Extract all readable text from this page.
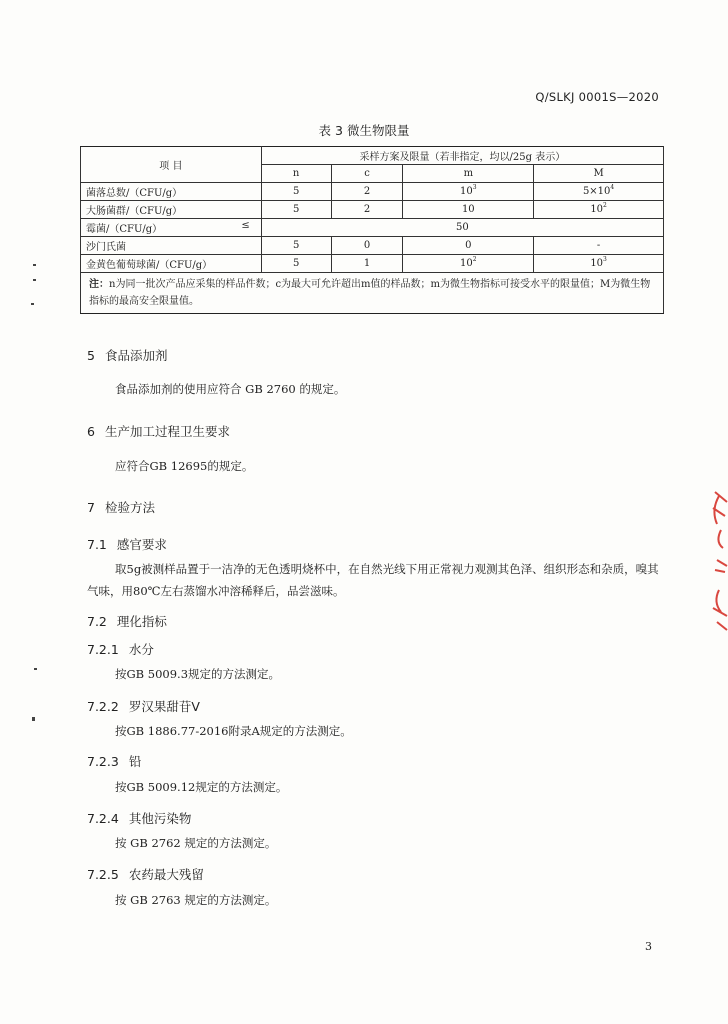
Q/SLKJ 0001S—2020
表 3 微生物限量
项 目	采样方案及限量（若非指定，均以/25g 表示）			
	n	c	m	M
菌落总数/（CFU/g）	5	2	$10^3$	$5\times 10^4$
大肠菌群/（CFU/g）	5	2	10	$10^2$
霉菌/（CFU/g） ≤	50			
沙门氏菌	5	0	0	-
金黄色葡萄球菌/（CFU/g）	5	1	$10^2$	$10^3$
注：n为同一批次产品应采集的样品件数；c为最大可允许超出m值的样品数；m为微生物指标可接受水平的限量值；M为微生物指标的最高安全限量值。				
5 食品添加剂
食品添加剂的使用应符合 GB 2760 的规定。
6 生产加工过程卫生要求
应符合GB 12695的规定。
7 检验方法
7.1 感官要求
取5g被测样品置于一洁净的无色透明烧杯中，在自然光线下用正常视力观测其色泽、组织形态和杂质，嗅其气味，用80℃左右蒸馏水冲溶稀释后，品尝滋味。
7.2 理化指标
7.2.1 水分
按GB 5009.3规定的方法测定。
7.2.2 罗汉果甜苷Ⅴ
按GB 1886.77-2016附录A规定的方法测定。
7.2.3 铅
按GB 5009.12规定的方法测定。
7.2.4 其他污染物
按 GB 2762 规定的方法测定。
7.2.5 农药最大残留
按 GB 2763 规定的方法测定。
3
